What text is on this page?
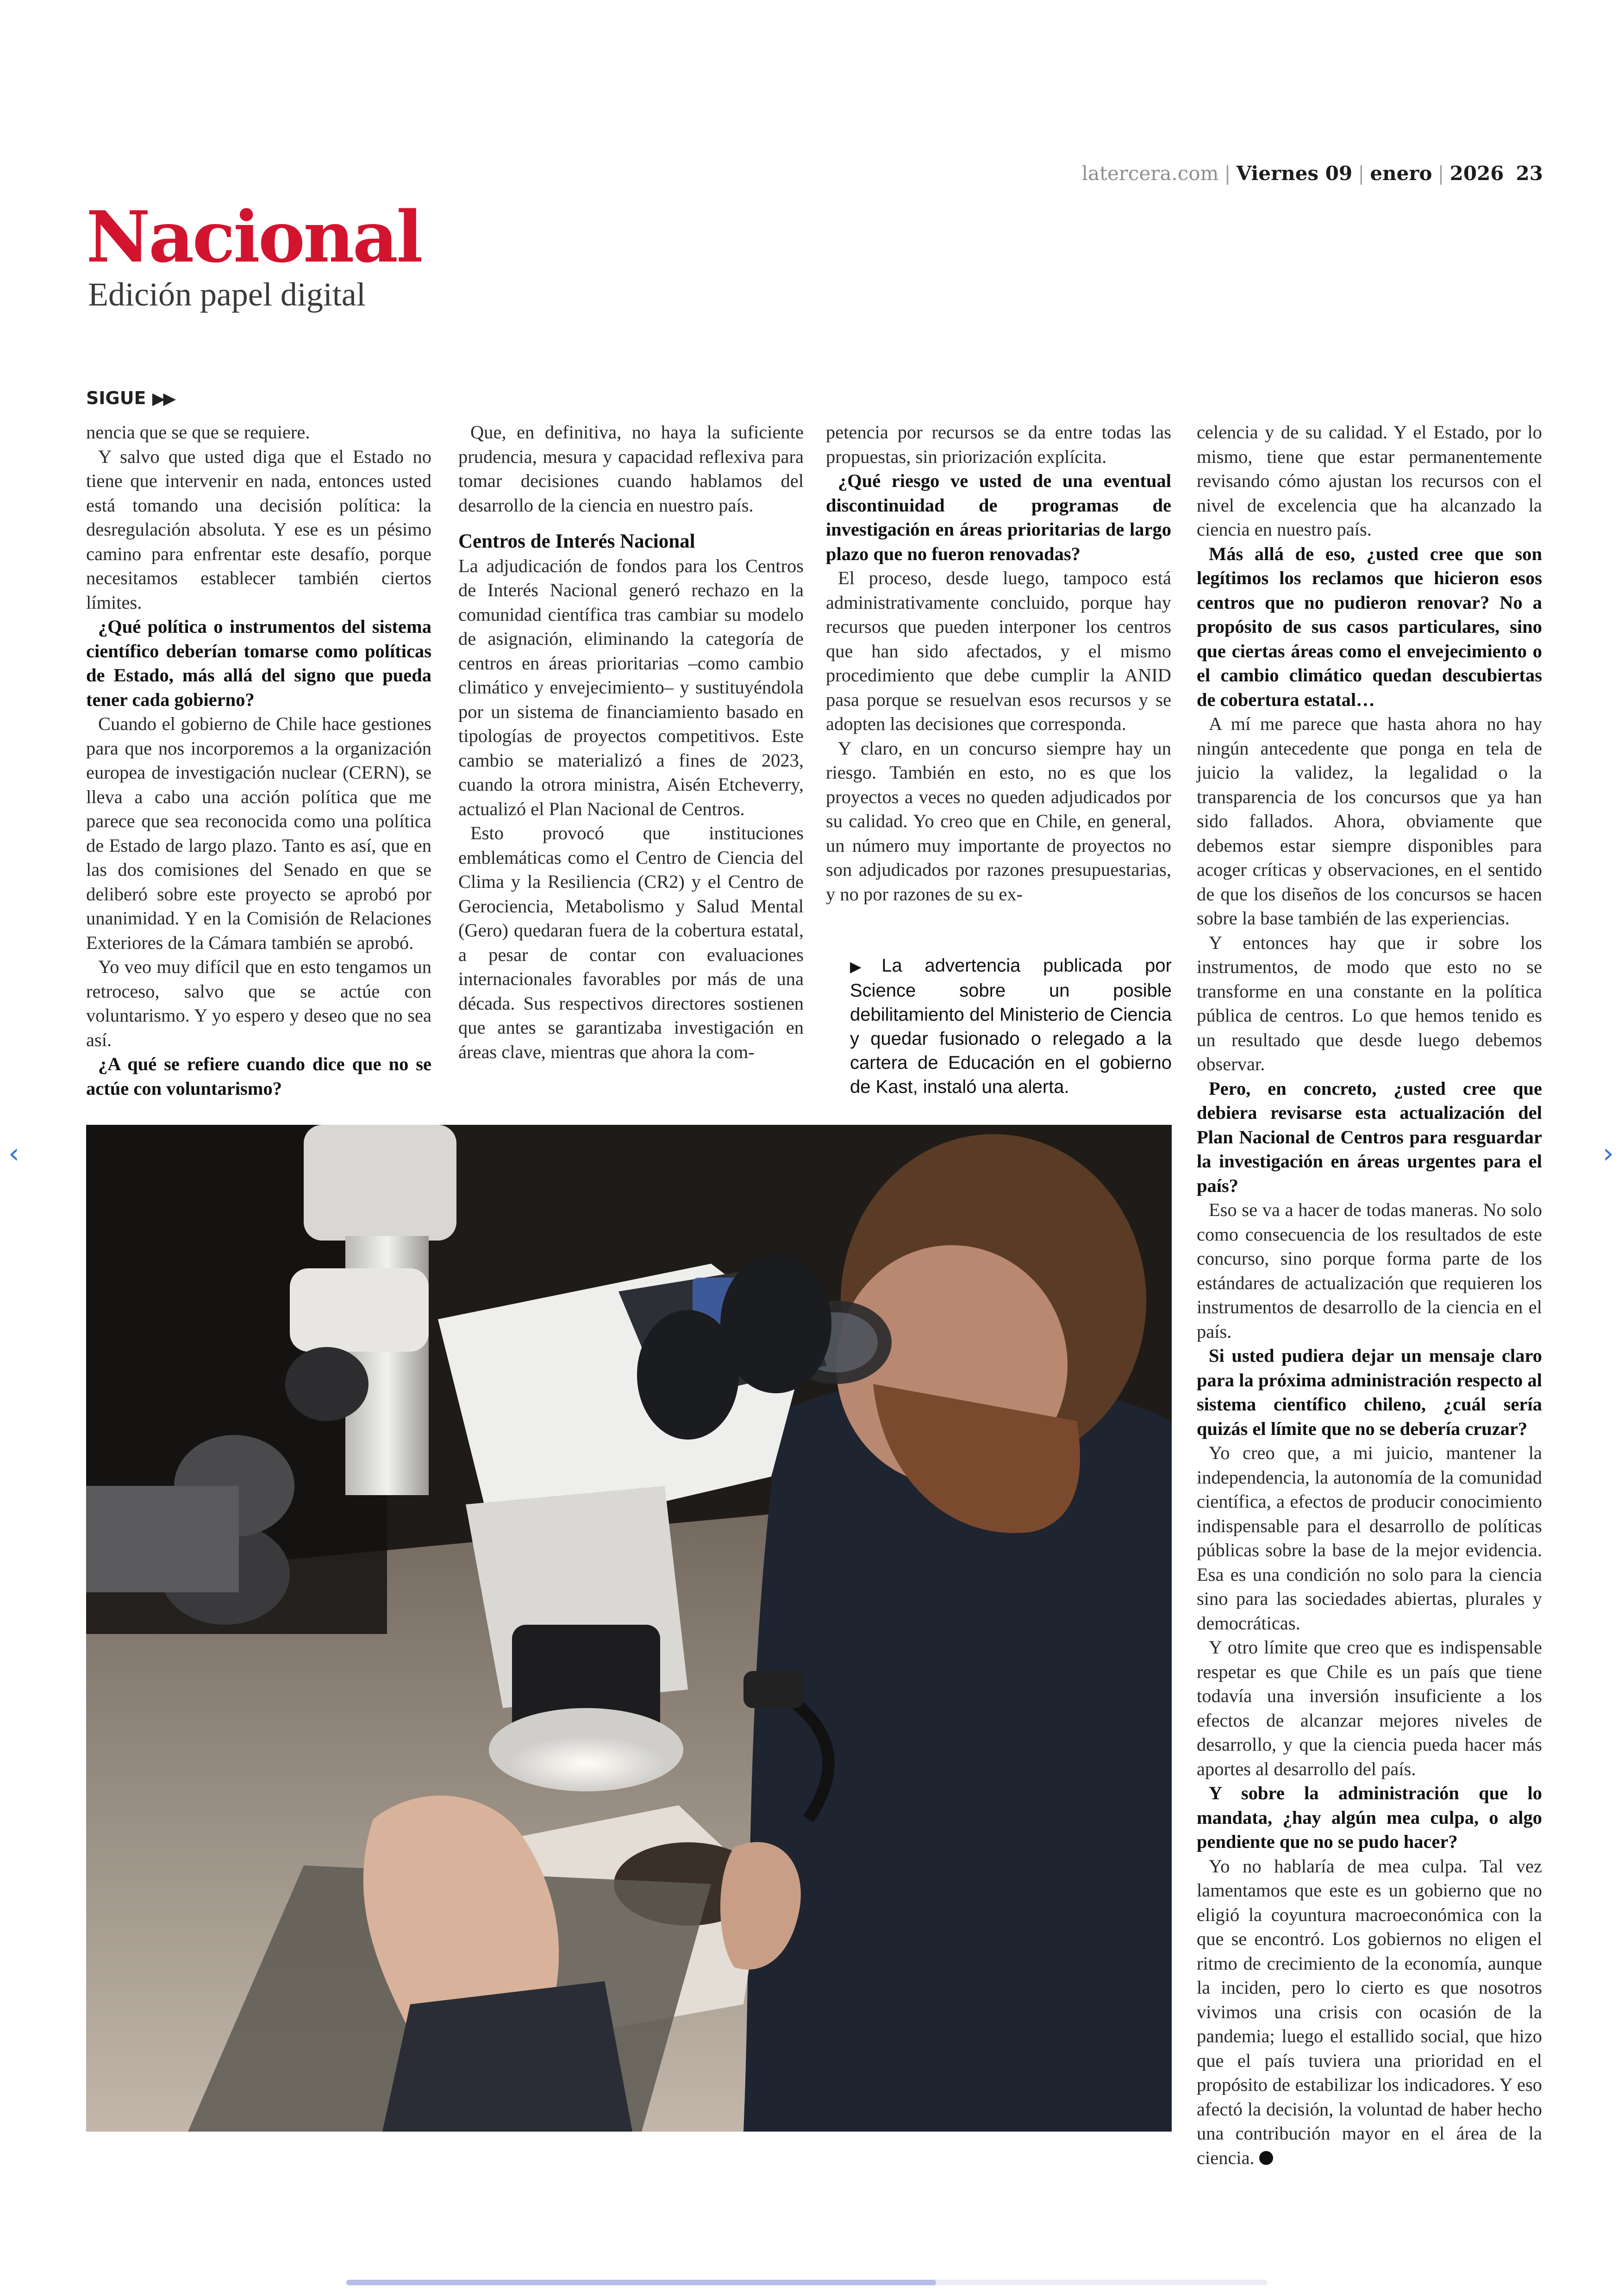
latercera.com | Viernes 09 | enero | 2026 23
Nacional
Edición papel digital
SIGUE ▶▶

nencia que se que se requiere.

Y salvo que usted diga que el Estado no tiene que intervenir en nada, entonces usted está tomando una decisión política: la desregulación absoluta. Y ese es un pésimo camino para enfrentar este desafío, porque necesitamos establecer también ciertos límites.

¿Qué política o instrumentos del sistema científico deberían tomarse como políticas de Estado, más allá del signo que pueda tener cada gobierno?

Cuando el gobierno de Chile hace gestiones para que nos incorporemos a la organización europea de investigación nuclear (CERN), se lleva a cabo una acción política que me parece que sea reconocida como una política de Estado de largo plazo. Tanto es así, que en las dos comisiones del Senado en que se deliberó sobre este proyecto se aprobó por unanimidad. Y en la Comisión de Relaciones Exteriores de la Cámara también se aprobó.

Yo veo muy difícil que en esto tengamos un retroceso, salvo que se actúe con voluntarismo. Y yo espero y deseo que no sea así.

¿A qué se refiere cuando dice que no se actúe con voluntarismo?

Que, en definitiva, no haya la suficiente prudencia, mesura y capacidad reflexiva para tomar decisiones cuando hablamos del desarrollo de la ciencia en nuestro país.

Centros de Interés Nacional

La adjudicación de fondos para los Centros de Interés Nacional generó rechazo en la comunidad científica tras cambiar su modelo de asignación, eliminando la categoría de centros en áreas prioritarias –como cambio climático y envejecimiento– y sustituyéndola por un sistema de financiamiento basado en tipologías de proyectos competitivos. Este cambio se materializó a fines de 2023, cuando la otrora ministra, Aisén Etcheverry, actualizó el Plan Nacional de Centros.

Esto provocó que instituciones emblemáticas como el Centro de Ciencia del Clima y la Resiliencia (CR2) y el Centro de Gerociencia, Metabolismo y Salud Mental (Gero) quedaran fuera de la cobertura estatal, a pesar de contar con evaluaciones internacionales favorables por más de una década. Sus respectivos directores sostienen que antes se garantizaba investigación en áreas clave, mientras que ahora la com-

petencia por recursos se da entre todas las propuestas, sin priorización explícita.

¿Qué riesgo ve usted de una eventual discontinuidad de programas de investigación en áreas prioritarias de largo plazo que no fueron renovadas?

El proceso, desde luego, tampoco está administrativamente concluido, porque hay recursos que pueden interponer los centros que han sido afectados, y el mismo procedimiento que debe cumplir la ANID pasa porque se resuelvan esos recursos y se adopten las decisiones que corresponda.

Y claro, en un concurso siempre hay un riesgo. También en esto, no es que los proyectos a veces no queden adjudicados por su calidad. Yo creo que en Chile, en general, un número muy importante de proyectos no son adjudicados por razones presupuestarias, y no por razones de su ex-

▶ La advertencia publicada por Science sobre un posible debilitamiento del Ministerio de Ciencia y quedar fusionado o relegado a la cartera de Educación en el gobierno de Kast, instaló una alerta.

celencia y de su calidad. Y el Estado, por lo mismo, tiene que estar permanentemente revisando cómo ajustan los recursos con el nivel de excelencia que ha alcanzado la ciencia en nuestro país.

Más allá de eso, ¿usted cree que son legítimos los reclamos que hicieron esos centros que no pudieron renovar? No a propósito de sus casos particulares, sino que ciertas áreas como el envejecimiento o el cambio climático quedan descubiertas de cobertura estatal…

A mí me parece que hasta ahora no hay ningún antecedente que ponga en tela de juicio la validez, la legalidad o la transparencia de los concursos que ya han sido fallados. Ahora, obviamente que debemos estar siempre disponibles para acoger críticas y observaciones, en el sentido de que los diseños de los concursos se hacen sobre la base también de las experiencias.

Y entonces hay que ir sobre los instrumentos, de modo que esto no se transforme en una constante en la política pública de centros. Lo que hemos tenido es un resultado que desde luego debemos observar.

Pero, en concreto, ¿usted cree que debiera revisarse esta actualización del Plan Nacional de Centros para resguardar la investigación en áreas urgentes para el país?

Eso se va a hacer de todas maneras. No solo como consecuencia de los resultados de este concurso, sino porque forma parte de los estándares de actualización que requieren los instrumentos de desarrollo de la ciencia en el país.

Si usted pudiera dejar un mensaje claro para la próxima administración respecto al sistema científico chileno, ¿cuál sería quizás el límite que no se debería cruzar?

Yo creo que, a mi juicio, mantener la independencia, la autonomía de la comunidad científica, a efectos de producir conocimiento indispensable para el desarrollo de políticas públicas sobre la base de la mejor evidencia. Esa es una condición no solo para la ciencia sino para las sociedades abiertas, plurales y democráticas.

Y otro límite que creo que es indispensable respetar es que Chile es un país que tiene todavía una inversión insuficiente a los efectos de alcanzar mejores niveles de desarrollo, y que la ciencia pueda hacer más aportes al desarrollo del país.

Y sobre la administración que lo mandata, ¿hay algún mea culpa, o algo pendiente que no se pudo hacer?

Yo no hablaría de mea culpa. Tal vez lamentamos que este es un gobierno que no eligió la coyuntura macroeconómica con la que se encontró. Los gobiernos no eligen el ritmo de crecimiento de la economía, aunque la inciden, pero lo cierto es que nosotros vivimos una crisis con ocasión de la pandemia; luego el estallido social, que hizo que el país tuviera una prioridad en el propósito de estabilizar los indicadores. Y eso afectó la decisión, la voluntad de haber hecho una contribución mayor en el área de la ciencia.

‹	›
